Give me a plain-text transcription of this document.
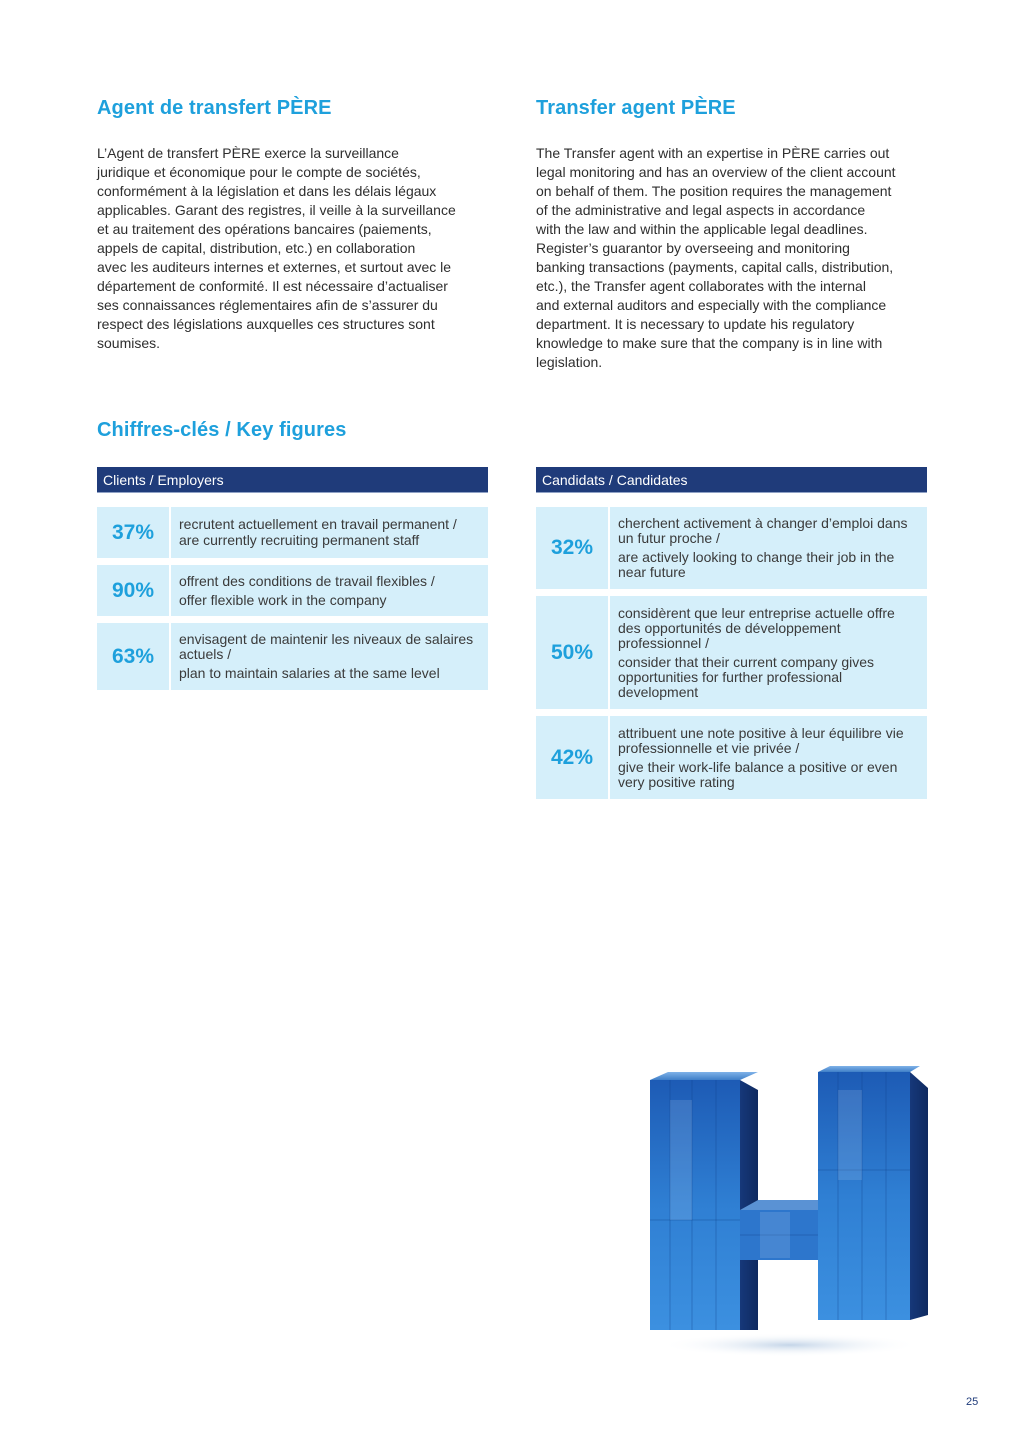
Agent de transfert PÈRE

L’Agent de transfert PÈRE exerce la surveillance
juridique et économique pour le compte de sociétés,
conformément à la législation et dans les délais légaux
applicables. Garant des registres, il veille à la surveillance
et au traitement des opérations bancaires (paiements,
appels de capital, distribution, etc.) en collaboration
avec les auditeurs internes et externes, et surtout avec le
département de conformité. Il est nécessaire d’actualiser
ses connaissances réglementaires afin de s’assurer du
respect des législations auxquelles ces structures sont
soumises.

Transfer agent PÈRE

The Transfer agent with an expertise in PÈRE carries out
legal monitoring and has an overview of the client account
on behalf of them. The position requires the management
of the administrative and legal aspects in accordance
with the law and within the applicable legal deadlines.
Register’s guarantor by overseeing and monitoring
banking transactions (payments, capital calls, distribution,
etc.), the Transfer agent collaborates with the internal
and external auditors and especially with the compliance
department. It is necessary to update his regulatory
knowledge to make sure that the company is in line with
legislation.

Chiffres-clés / Key figures
Clients / Employers
37%	recrutent actuellement en travail permanent /
are currently recruiting permanent staff
90%	offrent des conditions de travail flexibles /
offer flexible work in the company
63%
envisagent de maintenir les niveaux de salaires actuels /
plan to maintain salaries at the same level
Candidats / Candidates
32%
cherchent activement à changer d’emploi dans un futur proche /
are actively looking to change their job in the near future
50%
considèrent que leur entreprise actuelle offre des opportunités de développement professionnel /
consider that their current company gives opportunities for further professional development
42%
attribuent une note positive à leur équilibre vie professionnelle et vie privée /
give their work-life balance a positive or even very positive rating
25
